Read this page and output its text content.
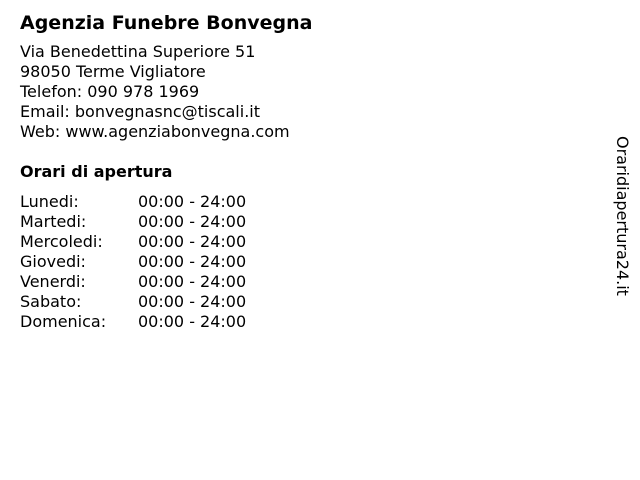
Agenzia Funebre Bonvegna
Via Benedettina Superiore 51
98050 Terme Vigliatore
Telefon: 090 978 1969
Email: bonvegnasnc@tiscali.it
Web: www.agenziabonvegna.com
Orari di apertura
Lunedi:	00:00 - 24:00
Martedi:	00:00 - 24:00
Mercoledi:	00:00 - 24:00
Giovedi:	00:00 - 24:00
Venerdi:	00:00 - 24:00
Sabato:	00:00 - 24:00
Domenica:	00:00 - 24:00
Oraridiapertura24.it
